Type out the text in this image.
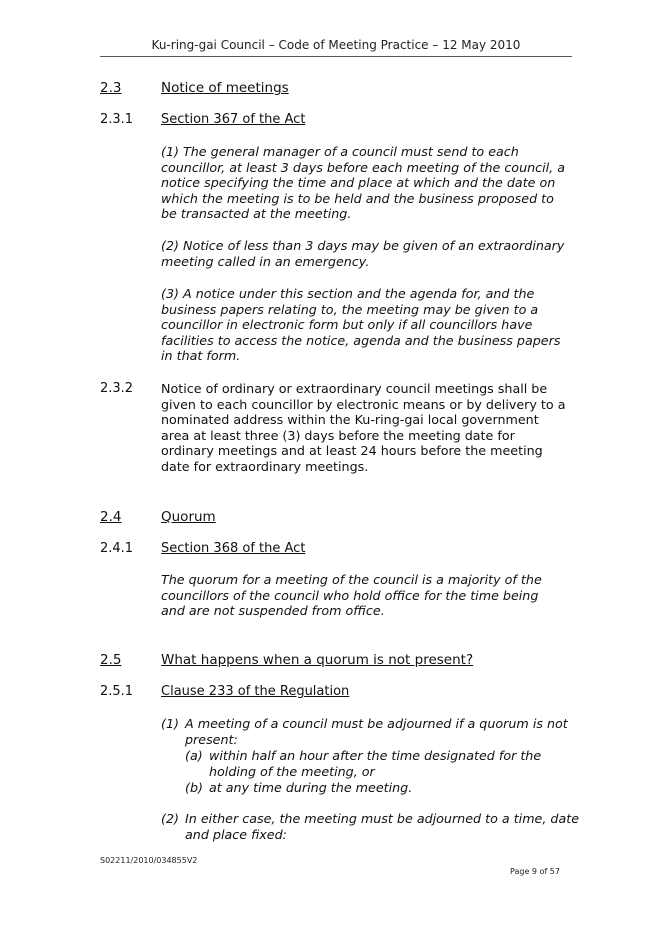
Ku-ring-gai Council – Code of Meeting Practice – 12 May 2010
2.3	Notice of meetings
2.3.1 Section 367 of the Act
(1) The general manager of a council must send to each councillor, at least 3 days before each meeting of the council, a notice specifying the time and place at which and the date on which the meeting is to be held and the business proposed to be transacted at the meeting.
(2) Notice of less than 3 days may be given of an extraordinary meeting called in an emergency.
(3) A notice under this section and the agenda for, and the business papers relating to, the meeting may be given to a councillor in electronic form but only if all councillors have facilities to access the notice, agenda and the business papers in that form.
2.3.2 Notice of ordinary or extraordinary council meetings shall be given to each councillor by electronic means or by delivery to a nominated address within the Ku-ring-gai local government area at least three (3) days before the meeting date for ordinary meetings and at least 24 hours before the meeting date for extraordinary meetings.
2.4	Quorum
2.4.1 Section 368 of the Act
The quorum for a meeting of the council is a majority of the councillors of the council who hold office for the time being and are not suspended from office.
2.5	What happens when a quorum is not present?
2.5.1 Clause 233 of the Regulation
(1) A meeting of a council must be adjourned if a quorum is not
present:
(a) within half an hour after the time designated for the
holding of the meeting, or
(b) at any time during the meeting.
(2) In either case, the meeting must be adjourned to a time, date
and place fixed:
S02211/2010/034855V2
Page 9 of 57
